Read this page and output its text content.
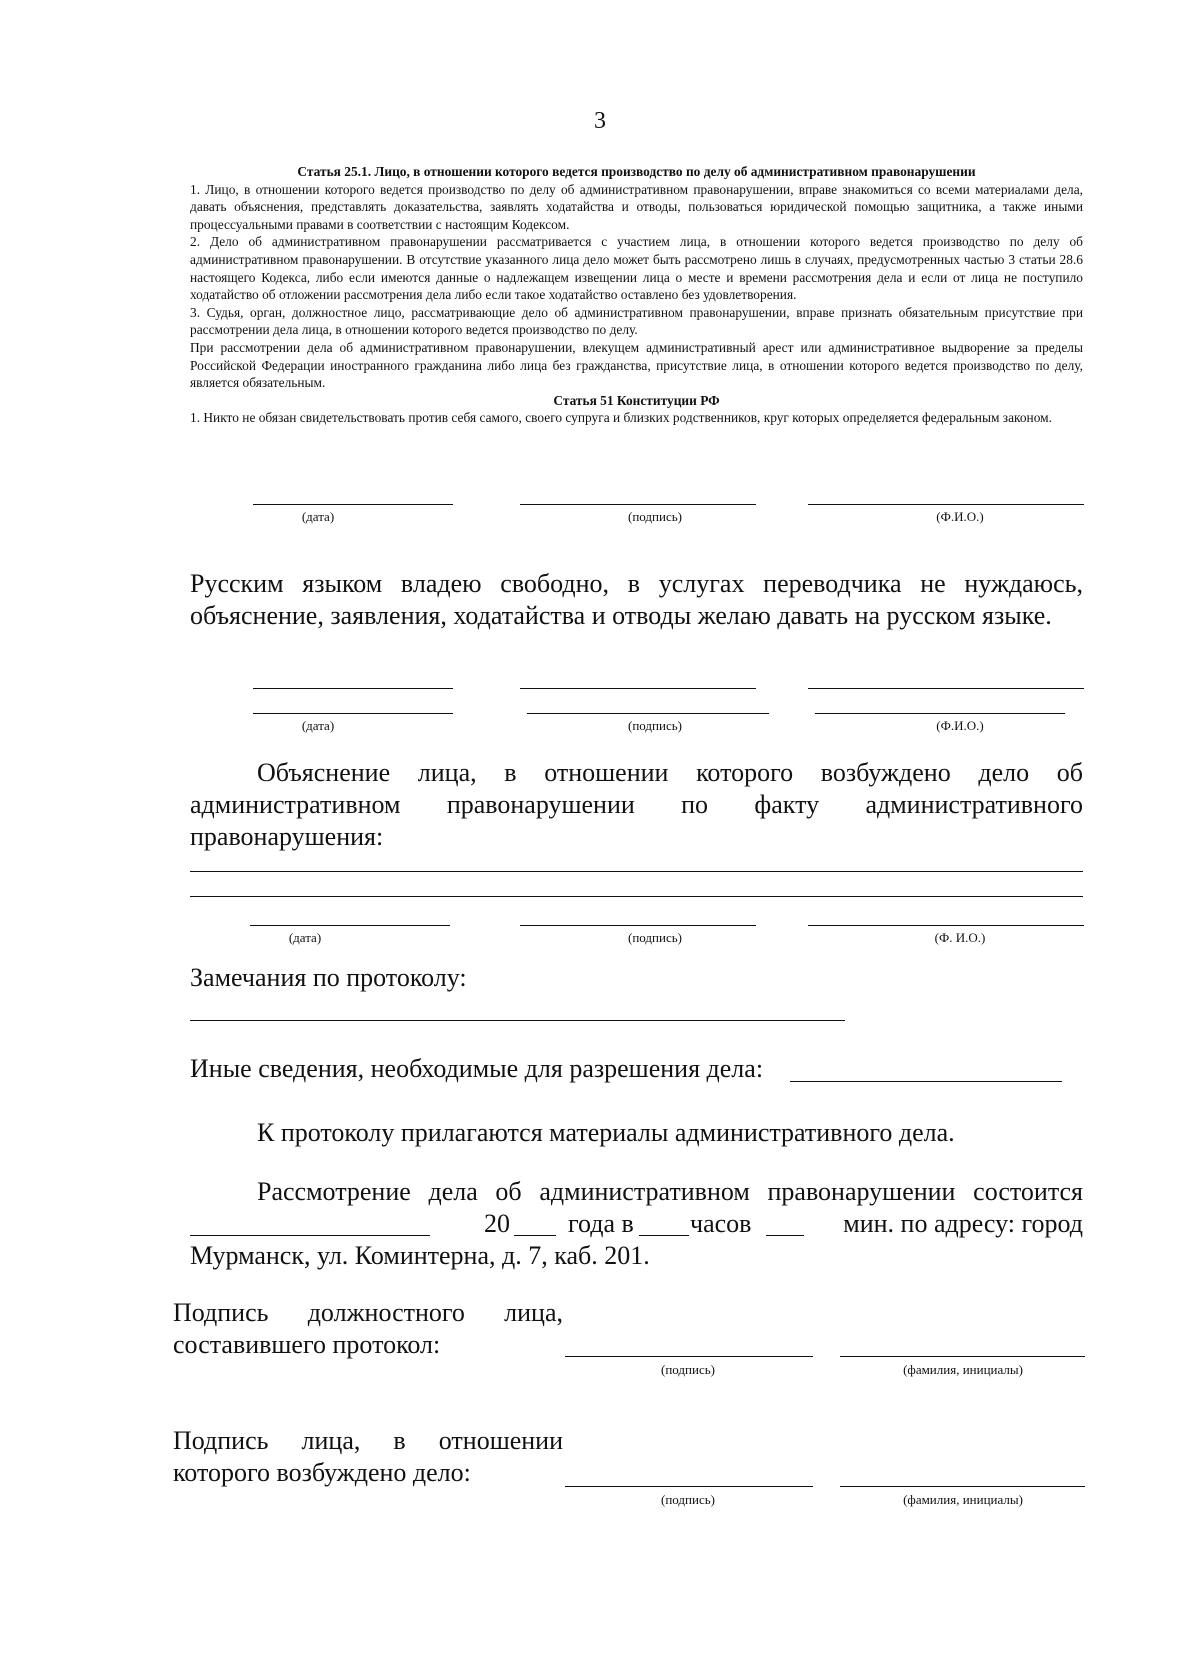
3
Статья 25.1. Лицо, в отношении которого ведется производство по делу об административном правонарушении

1. Лицо, в отношении которого ведется производство по делу об административном правонарушении, вправе знакомиться со всеми материалами дела, давать объяснения, представлять доказательства, заявлять ходатайства и отводы, пользоваться юридической помощью защитника, а также иными процессуальными правами в соответствии с настоящим Кодексом.

2. Дело об административном правонарушении рассматривается с участием лица, в отношении которого ведется производство по делу об административном правонарушении. В отсутствие указанного лица дело может быть рассмотрено лишь в случаях, предусмотренных частью 3 статьи 28.6 настоящего Кодекса, либо если имеются данные о надлежащем извещении лица о месте и времени рассмотрения дела и если от лица не поступило ходатайство об отложении рассмотрения дела либо если такое ходатайство оставлено без удовлетворения.

3. Судья, орган, должностное лицо, рассматривающие дело об административном правонарушении, вправе признать обязательным присутствие при рассмотрении дела лица, в отношении которого ведется производство по делу.

При рассмотрении дела об административном правонарушении, влекущем административный арест или административное выдворение за пределы Российской Федерации иностранного гражданина либо лица без гражданства, присутствие лица, в отношении которого ведется производство по делу, является обязательным.

Статья 51 Конституции РФ

1. Никто не обязан свидетельствовать против себя самого, своего супруга и близких родственников, круг которых определяется федеральным законом.

(дата)	(подпись)	(Ф.И.О.)
Русским языком владею свободно, в услугах переводчика не нуждаюсь, объяснение, заявления, ходатайства и отводы желаю давать на русском языке.
(дата)	(подпись)	(Ф.И.О.)
Объяснение лица, в отношении которого возбуждено дело об административном правонарушении по факту административного правонарушения:
(дата)	(подпись)	(Ф. И.О.)
Замечания по протоколу:
Иные сведения, необходимые для разрешения дела:
К протоколу прилагаются материалы административного дела.
Рассмотрение дела об административном правонарушении состоится
20 года в часов	мин. по адресу: город
Мурманск, ул. Коминтерна, д. 7, каб. 201.
Подпись должностного лица,
составившего протокол:
(подпись)	(фамилия, инициалы)
Подпись лица, в отношении
которого возбуждено дело:
(подпись)	(фамилия, инициалы)
